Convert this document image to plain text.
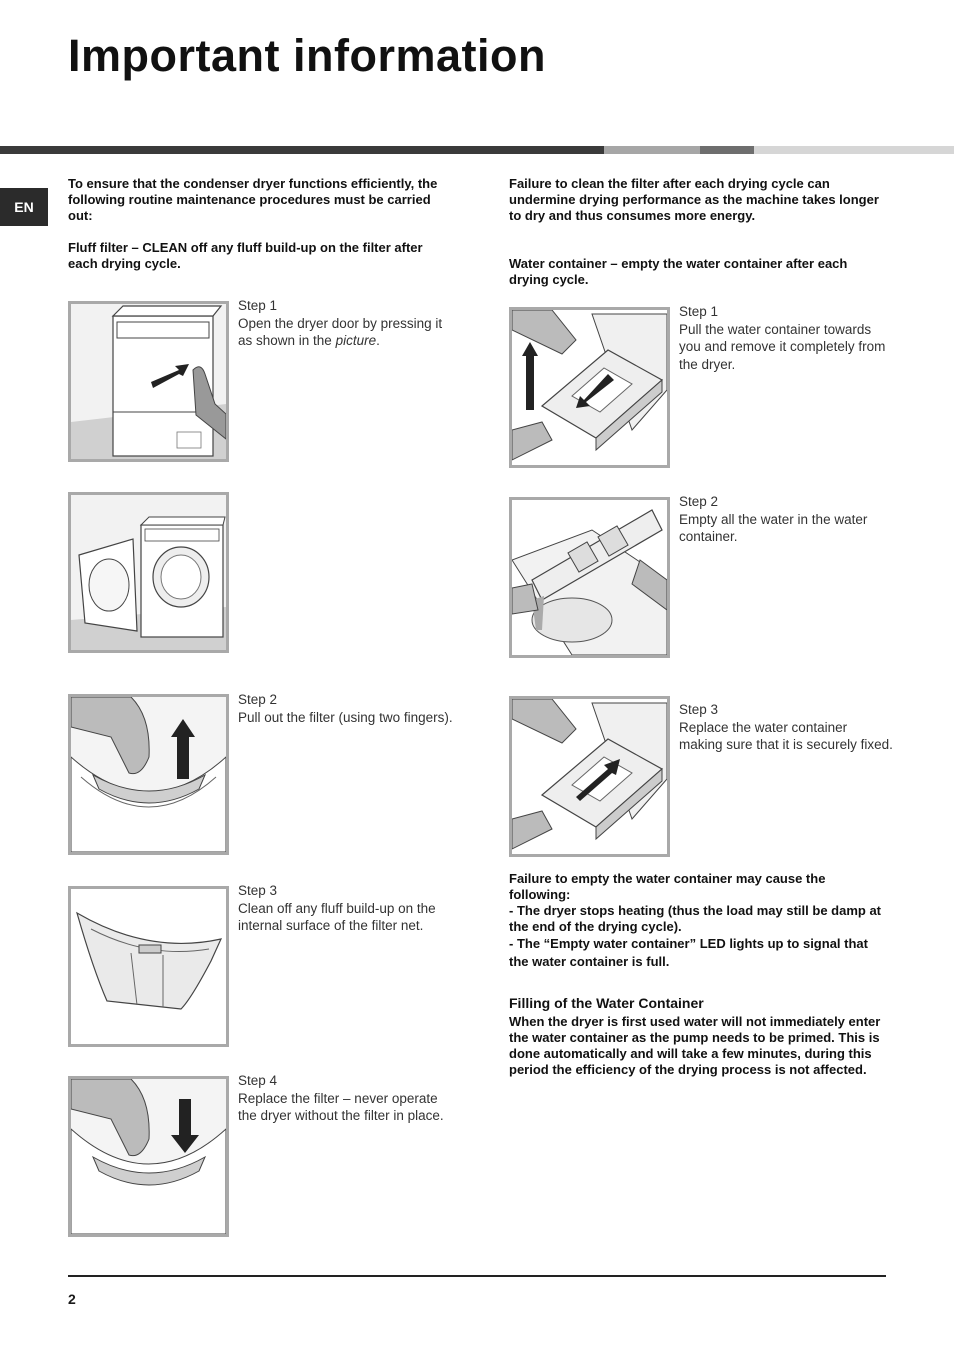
Important information
EN
To ensure that the condenser dryer functions efficiently, the following routine maintenance procedures must be carried out:
Fluff filter – CLEAN off any fluff build-up on the filter after each drying cycle.
Step 1
Open the dryer door by pressing it as shown in the picture.
Step 2
Pull out the filter (using two fingers).
Step 3
Clean off any fluff build-up on the internal surface of the filter net.
Step 4
Replace the filter – never operate the dryer without the filter in place.
Failure to clean the filter after each drying cycle can undermine drying performance as the machine takes longer to dry and thus consumes more energy.
Water container – empty the water container after each drying cycle.
Step 1
Pull the water container towards you and remove it completely from the dryer.
Step 2
Empty all the water in the water container.
Step 3
Replace the water container making sure that it is securely fixed.
Failure to empty the water container may cause the following:
- The dryer stops heating (thus the load may still be damp at the end of the drying cycle).
- The “Empty water container” LED lights up to signal that the water container is full.
Filling of the Water Container
When the dryer is first used water will not immediately enter the water container as the pump needs to be primed. This is done automatically and will take a few minutes, during this period the efficiency of the drying process is not affected.
2
